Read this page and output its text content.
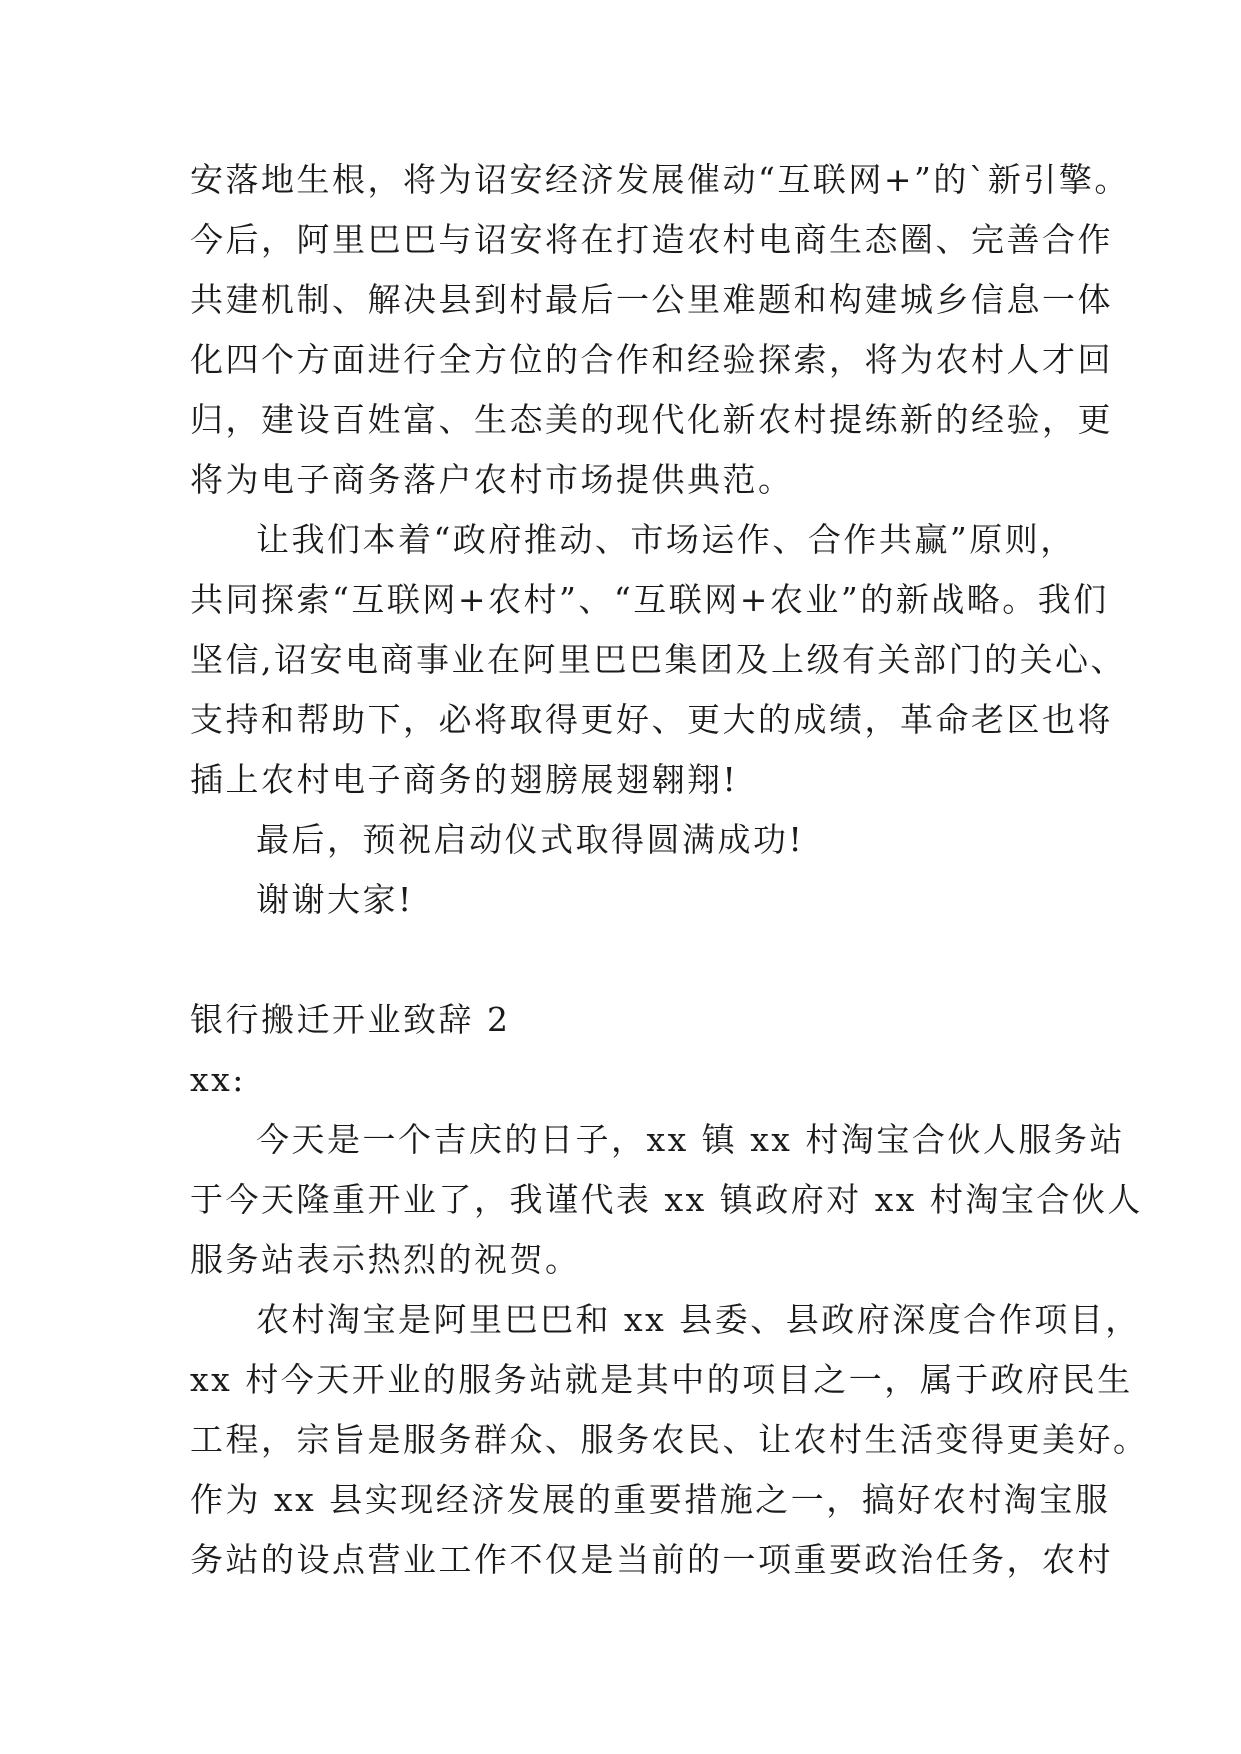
安落地生根，将为诏安经济发展催动“互联网+”的`新引擎。
今后，阿里巴巴与诏安将在打造农村电商生态圈、完善合作
共建机制、解决县到村最后一公里难题和构建城乡信息一体
化四个方面进行全方位的合作和经验探索，将为农村人才回
归，建设百姓富、生态美的现代化新农村提练新的经验，更
将为电子商务落户农村市场提供典范。
让我们本着“政府推动、市场运作、合作共赢”原则，
共同探索“互联网+农村”、“互联网+农业”的新战略。我们
坚信,诏安电商事业在阿里巴巴集团及上级有关部门的关心、
支持和帮助下，必将取得更好、更大的成绩，革命老区也将
插上农村电子商务的翅膀展翅翱翔!
最后，预祝启动仪式取得圆满成功!
谢谢大家!
银行搬迁开业致辞 2
xx:
今天是一个吉庆的日子，xx 镇 xx 村淘宝合伙人服务站
于今天隆重开业了，我谨代表 xx 镇政府对 xx 村淘宝合伙人
服务站表示热烈的祝贺。
农村淘宝是阿里巴巴和 xx 县委、县政府深度合作项目，
xx 村今天开业的服务站就是其中的项目之一，属于政府民生
工程，宗旨是服务群众、服务农民、让农村生活变得更美好。
作为 xx 县实现经济发展的重要措施之一，搞好农村淘宝服
务站的设点营业工作不仅是当前的一项重要政治任务，农村
